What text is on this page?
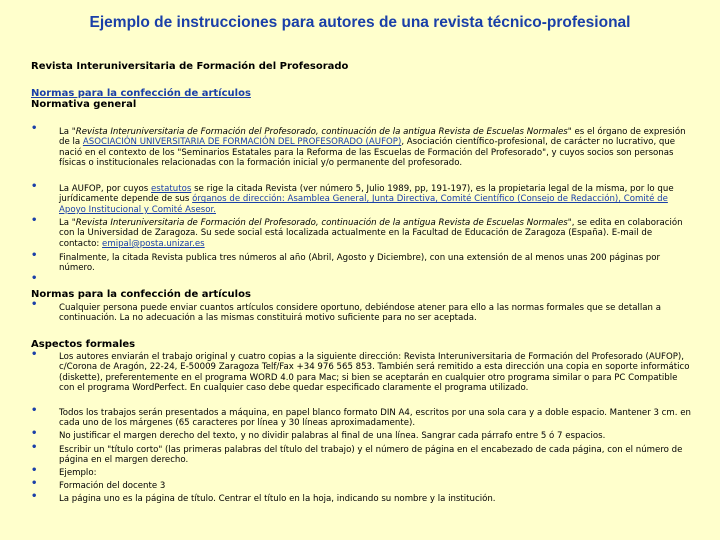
Ejemplo de instrucciones para autores de una revista técnico-profesional
Revista Interuniversitaria de Formación del Profesorado
Normas para la confección de artículos
Normativa general
•	La "Revista Interuniversitaria de Formación del Profesorado, continuación de la antigua Revista de Escuelas Normales" es el órgano de expresión de la ASOCIACIÓN UNIVERSITARIA DE FORMACIÓN DEL PROFESORADO (AUFOP), Asociación científico-profesional, de carácter no lucrativo, que nació en el contexto de los "Seminarios Estatales para la Reforma de las Escuelas de Formación del Profesorado", y cuyos socios son personas físicas o institucionales relacionadas con la formación inicial y/o permanente del profesorado.
•	La AUFOP, por cuyos estatutos se rige la citada Revista (ver número 5, Julio 1989, pp, 191-197), es la propietaria legal de la misma, por lo que jurídicamente depende de sus órganos de dirección: Asamblea General, Junta Directiva, Comité Científico (Consejo de Redacción), Comité de Apoyo Institucional y Comité Asesor.
•	La "Revista Interuniversitaria de Formación del Profesorado, continuación de la antigua Revista de Escuelas Normales", se edita en colaboración con la Universidad de Zaragoza. Su sede social está localizada actualmente en la Facultad de Educación de Zaragoza (España). E-mail de contacto: emipal@posta.unizar.es
•	Finalmente, la citada Revista publica tres números al año (Abril, Agosto y Diciembre), con una extensión de al menos unas 200 páginas por número.
•
Normas para la confección de artículos
•	Cualquier persona puede enviar cuantos artículos considere oportuno, debiéndose atener para ello a las normas formales que se detallan a continuación. La no adecuación a las mismas constituirá motivo suficiente para no ser aceptada.
Aspectos formales
•	Los autores enviarán el trabajo original y cuatro copias a la siguiente dirección: Revista Interuniversitaria de Formación del Profesorado (AUFOP), c/Corona de Aragón, 22-24, E-50009 Zaragoza Telf/Fax +34 976 565 853. También será remitido a esta dirección una copia en soporte informático (diskette), preferentemente en el programa WORD 4.0 para Mac; si bien se aceptarán en cualquier otro programa similar o para PC Compatible con el programa WordPerfect. En cualquier caso debe quedar especificado claramente el programa utilizado.
•	Todos los trabajos serán presentados a máquina, en papel blanco formato DIN A4, escritos por una sola cara y a doble espacio. Mantener 3 cm. en cada uno de los márgenes (65 caracteres por línea y 30 líneas aproximadamente).
•	No justificar el margen derecho del texto, y no dividir palabras al final de una línea. Sangrar cada párrafo entre 5 ó 7 espacios.
•	Escribir un "título corto" (las primeras palabras del título del trabajo) y el número de página en el encabezado de cada página, con el número de página en el margen derecho.
•	Ejemplo:
•	Formación del docente 3
•	La página uno es la página de título. Centrar el título en la hoja, indicando su nombre y la institución.
